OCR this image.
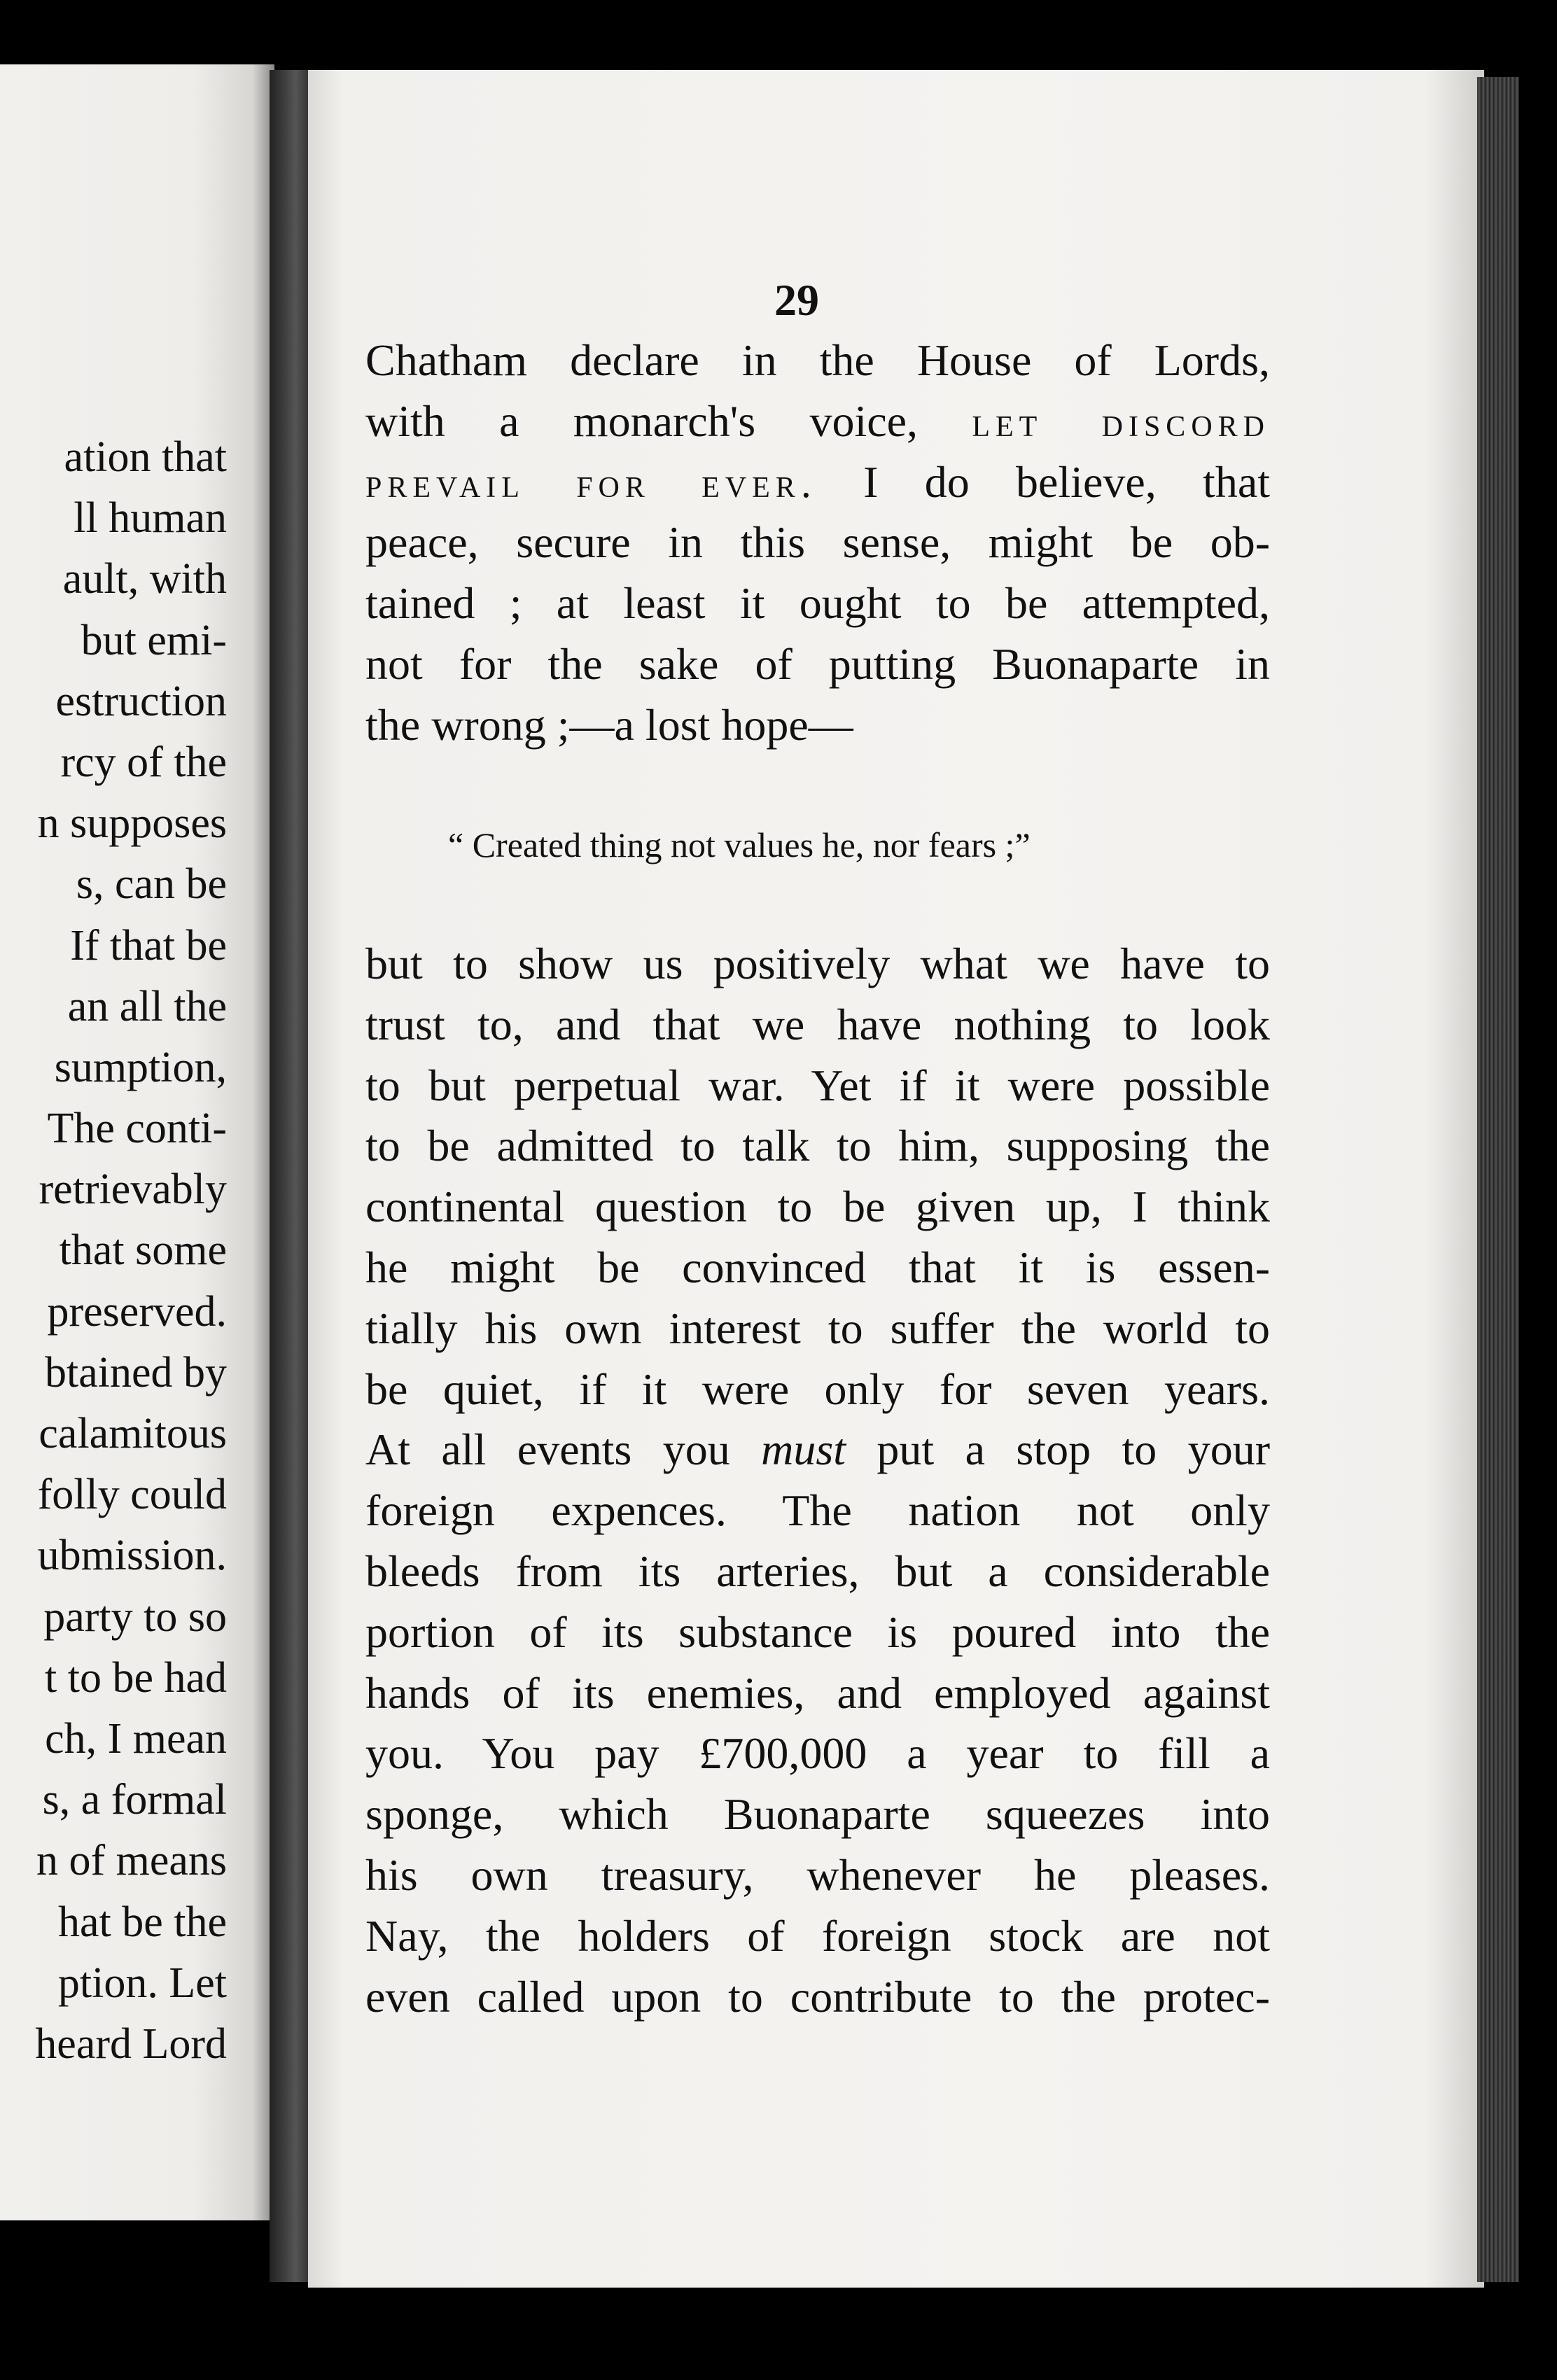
ation that
ll human
ault, with
but emi-
estruction
rcy of the
n supposes
s, can be
If that be
an all the
sumption,
The conti-
retrievably
that some
preserved.
btained by
calamitous
folly could
ubmission.
party to so
t to be had
ch, I mean
s, a formal
n of means
hat be the
ption. Let
heard Lord
29
Chatham declare in the House of Lords,
with a monarch's voice, let discord
prevail for ever. I do believe, that
peace, secure in this sense, might be ob-
tained ; at least it ought to be attempted,
not for the sake of putting Buonaparte in
the wrong ;—a lost hope—
“ Created thing not values he, nor fears ;”
but to show us positively what we have to
trust to, and that we have nothing to look
to but perpetual war. Yet if it were possible
to be admitted to talk to him, supposing the
continental question to be given up, I think
he might be convinced that it is essen-
tially his own interest to suffer the world to
be quiet, if it were only for seven years.
At all events you must put a stop to your
foreign expences. The nation not only
bleeds from its arteries, but a considerable
portion of its substance is poured into the
hands of its enemies, and employed against
you. You pay £700,000 a year to fill a
sponge, which Buonaparte squeezes into
his own treasury, whenever he pleases.
Nay, the holders of foreign stock are not
even called upon to contribute to the protec-
